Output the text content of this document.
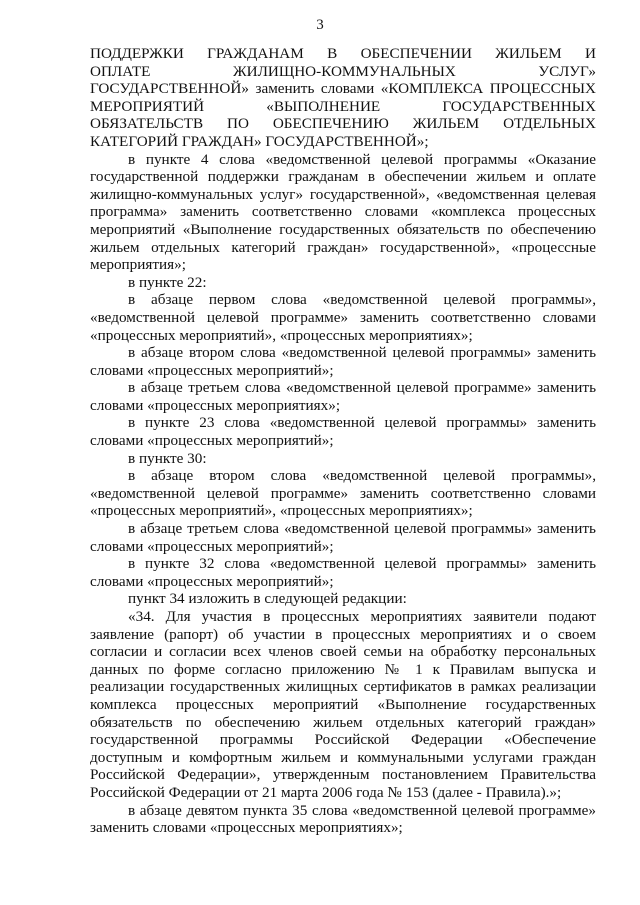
3

ПОДДЕРЖКИ ГРАЖДАНАМ В ОБЕСПЕЧЕНИИ ЖИЛЬЕМ И
ОПЛАТЕ ЖИЛИЩНО-КОММУНАЛЬНЫХ УСЛУГ»
ГОСУДАРСТВЕННОЙ» заменить словами «КОМПЛЕКСА ПРОЦЕССНЫХ
МЕРОПРИЯТИЙ «ВЫПОЛНЕНИЕ ГОСУДАРСТВЕННЫХ
ОБЯЗАТЕЛЬСТВ ПО ОБЕСПЕЧЕНИЮ ЖИЛЬЕМ ОТДЕЛЬНЫХ
КАТЕГОРИЙ ГРАЖДАН» ГОСУДАРСТВЕННОЙ»;

в пункте 4 слова «ведомственной целевой программы «Оказание государственной поддержки гражданам в обеспечении жильем и оплате жилищно-коммунальных услуг» государственной», «ведомственная целевая программа» заменить соответственно словами «комплекса процессных мероприятий «Выполнение государственных обязательств по обеспечению жильем отдельных категорий граждан» государственной», «процессные мероприятия»;

в пункте 22:

в абзаце первом слова «ведомственной целевой программы», «ведомственной целевой программе» заменить соответственно словами «процессных мероприятий», «процессных мероприятиях»;

в абзаце втором слова «ведомственной целевой программы» заменить словами «процессных мероприятий»;

в абзаце третьем слова «ведомственной целевой программе» заменить словами «процессных мероприятиях»;

в пункте 23 слова «ведомственной целевой программы» заменить словами «процессных мероприятий»;

в пункте 30:

в абзаце втором слова «ведомственной целевой программы», «ведомственной целевой программе» заменить соответственно словами «процессных мероприятий», «процессных мероприятиях»;

в абзаце третьем слова «ведомственной целевой программы» заменить словами «процессных мероприятий»;

в пункте 32 слова «ведомственной целевой программы» заменить словами «процессных мероприятий»;

пункт 34 изложить в следующей редакции:

«34. Для участия в процессных мероприятиях заявители подают заявление (рапорт) об участии в процессных мероприятиях и о своем согласии и согласии всех членов своей семьи на обработку персональных данных по форме согласно приложению № 1 к Правилам выпуска и реализации государственных жилищных сертификатов в рамках реализации комплекса процессных мероприятий «Выполнение государственных обязательств по обеспечению жильем отдельных категорий граждан» государственной программы Российской Федерации «Обеспечение доступным и комфортным жильем и коммунальными услугами граждан Российской Федерации», утвержденным постановлением Правительства Российской Федерации от 21 марта 2006 года № 153 (далее - Правила).»;

в абзаце девятом пункта 35 слова «ведомственной целевой программе» заменить словами «процессных мероприятиях»;
